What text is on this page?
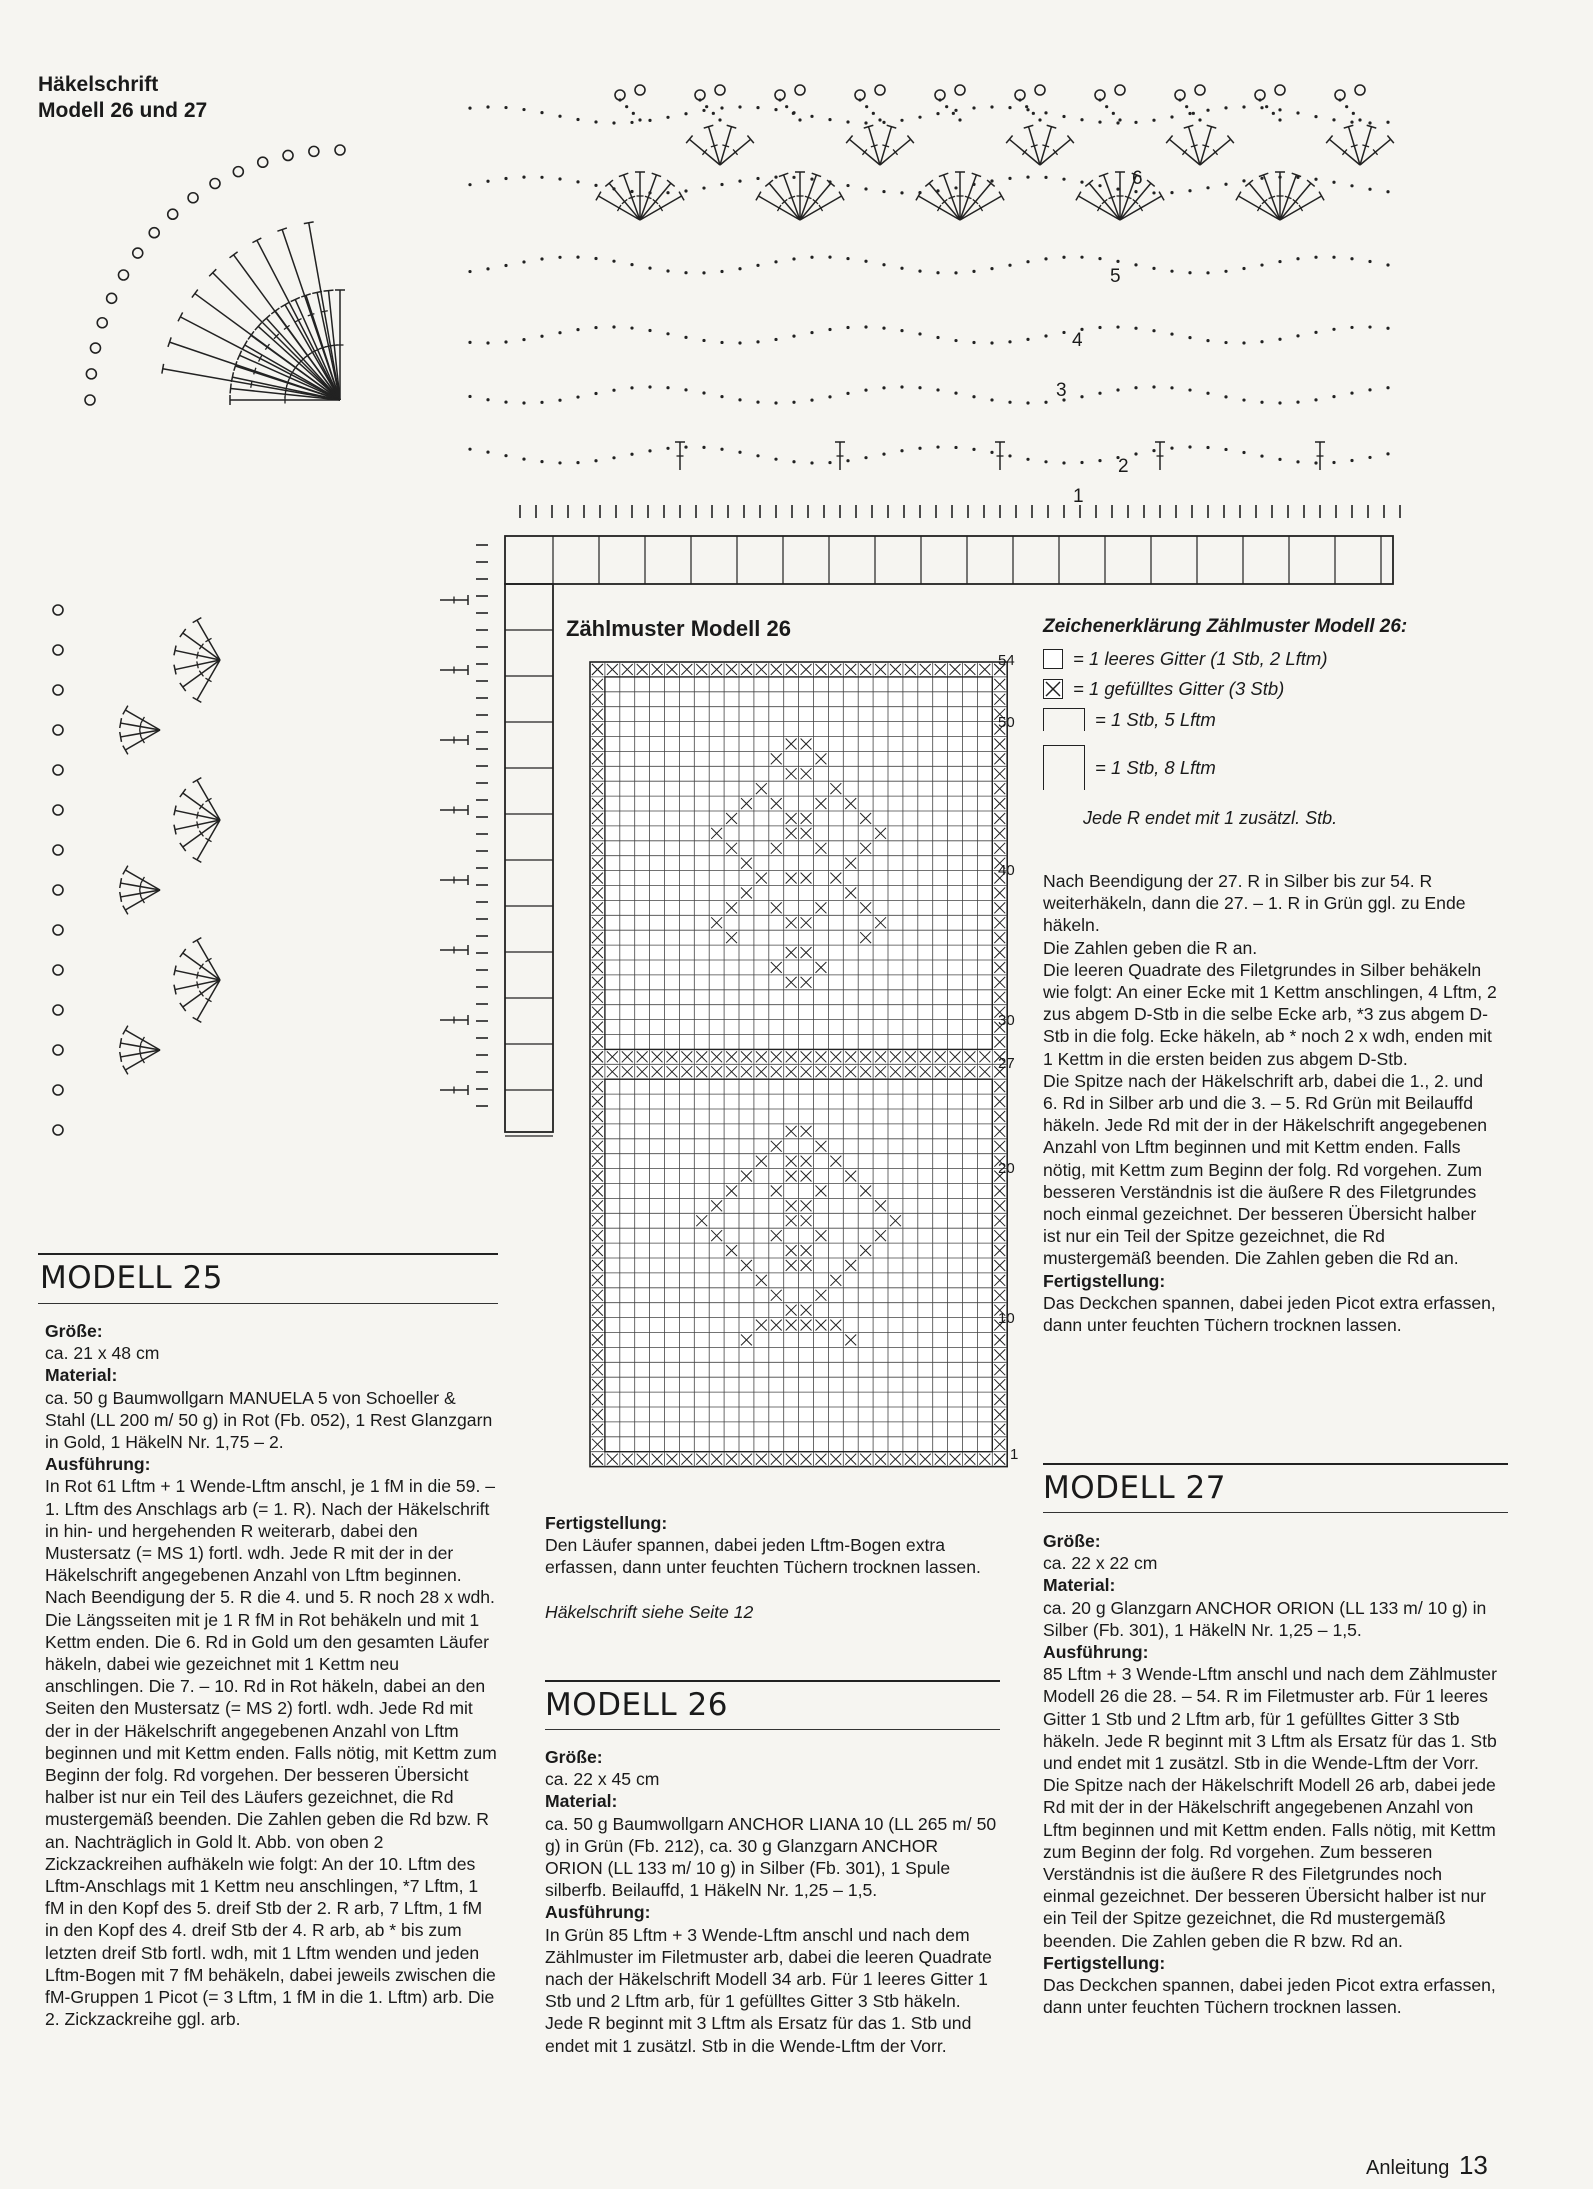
Häkelschrift
Modell 26 und 27
1
2
3
4
5
6
Zählmuster Modell 26
54
50
40
30
27
20
10
1
Zeichenerklärung Zählmuster Modell 26:
= 1 leeres Gitter (1 Stb, 2 Lftm)
= 1 gefülltes Gitter (3 Stb)
= 1 Stb, 5 Lftm
= 1 Stb, 8 Lftm
Jede R endet mit 1 zusätzl. Stb.

Nach Beendigung der 27. R in Silber bis zur 54. R weiterhäkeln, dann die 27. – 1. R in Grün ggl. zu Ende häkeln.

Die Zahlen geben die R an.

Die leeren Quadrate des Filetgrundes in Silber behäkeln wie folgt: An einer Ecke mit 1 Kettm anschlingen, 4 Lftm, 2 zus abgem D-Stb in die selbe Ecke arb, *3 zus abgem D-Stb in die folg. Ecke häkeln, ab * noch 2 x wdh, enden mit 1 Kettm in die ersten beiden zus abgem D-Stb.

Die Spitze nach der Häkelschrift arb, dabei die 1., 2. und 6. Rd in Silber arb und die 3. – 5. Rd Grün mit Beilauffd häkeln. Jede Rd mit der in der Häkelschrift angegebenen Anzahl von Lftm beginnen und mit Kettm enden. Falls nötig, mit Kettm zum Beginn der folg. Rd vorgehen. Zum besseren Verständnis ist die äußere R des Filetgrundes noch einmal gezeichnet. Der besseren Übersicht halber ist nur ein Teil der Spitze gezeichnet, die Rd mustergemäß beenden. Die Zahlen geben die Rd an.

Fertigstellung:

Das Deckchen spannen, dabei jeden Picot extra erfassen, dann unter feuchten Tüchern trocknen lassen.

MODELL 27

Größe:

ca. 22 x 22 cm

Material:

ca. 20 g Glanzgarn ANCHOR ORION (LL 133 m/ 10 g) in Silber (Fb. 301), 1 HäkelN Nr. 1,25 – 1,5.

Ausführung:

85 Lftm + 3 Wende-Lftm anschl und nach dem Zählmuster Modell 26 die 28. – 54. R im Filetmuster arb. Für 1 leeres Gitter 1 Stb und 2 Lftm arb, für 1 gefülltes Gitter 3 Stb häkeln. Jede R beginnt mit 3 Lftm als Ersatz für das 1. Stb und endet mit 1 zusätzl. Stb in die Wende-Lftm der Vorr.

Die Spitze nach der Häkelschrift Modell 26 arb, dabei jede Rd mit der in der Häkelschrift angegebenen Anzahl von Lftm beginnen und mit Kettm enden. Falls nötig, mit Kettm zum Beginn der folg. Rd vorgehen. Zum besseren Verständnis ist die äußere R des Filetgrundes noch einmal gezeichnet. Der besseren Übersicht halber ist nur ein Teil der Spitze gezeichnet, die Rd mustergemäß beenden. Die Zahlen geben die R bzw. Rd an.

Fertigstellung:

Das Deckchen spannen, dabei jeden Picot extra erfassen, dann unter feuchten Tüchern trocknen lassen.

MODELL 25

Größe:

ca. 21 x 48 cm

Material:

ca. 50 g Baumwollgarn MANUELA 5 von Schoeller & Stahl (LL 200 m/ 50 g) in Rot (Fb. 052), 1 Rest Glanzgarn in Gold, 1 HäkelN Nr. 1,75 – 2.

Ausführung:

In Rot 61 Lftm + 1 Wende-Lftm anschl, je 1 fM in die 59. – 1. Lftm des Anschlags arb (= 1. R). Nach der Häkelschrift in hin- und hergehenden R weiterarb, dabei den Mustersatz (= MS 1) fortl. wdh. Jede R mit der in der Häkelschrift angegebenen Anzahl von Lftm beginnen. Nach Beendigung der 5. R die 4. und 5. R noch 28 x wdh. Die Längsseiten mit je 1 R fM in Rot behäkeln und mit 1 Kettm enden. Die 6. Rd in Gold um den gesamten Läufer häkeln, dabei wie gezeichnet mit 1 Kettm neu anschlingen. Die 7. – 10. Rd in Rot häkeln, dabei an den Seiten den Mustersatz (= MS 2) fortl. wdh. Jede Rd mit der in der Häkelschrift angegebenen Anzahl von Lftm beginnen und mit Kettm enden. Falls nötig, mit Kettm zum Beginn der folg. Rd vorgehen. Der besseren Übersicht halber ist nur ein Teil des Läufers gezeichnet, die Rd mustergemäß beenden. Die Zahlen geben die Rd bzw. R an. Nachträglich in Gold lt. Abb. von oben 2 Zickzackreihen aufhäkeln wie folgt: An der 10. Lftm des Lftm-Anschlags mit 1 Kettm neu anschlingen, *7 Lftm, 1 fM in den Kopf des 5. dreif Stb der 2. R arb, 7 Lftm, 1 fM in den Kopf des 4. dreif Stb der 4. R arb, ab * bis zum letzten dreif Stb fortl. wdh, mit 1 Lftm wenden und jeden Lftm-Bogen mit 7 fM behäkeln, dabei jeweils zwischen die fM-Gruppen 1 Picot (= 3 Lftm, 1 fM in die 1. Lftm) arb. Die 2. Zickzackreihe ggl. arb.

Fertigstellung:

Den Läufer spannen, dabei jeden Lftm-Bogen extra erfassen, dann unter feuchten Tüchern trocknen lassen.

Häkelschrift siehe Seite 12

MODELL 26

Größe:

ca. 22 x 45 cm

Material:

ca. 50 g Baumwollgarn ANCHOR LIANA 10 (LL 265 m/ 50 g) in Grün (Fb. 212), ca. 30 g Glanzgarn ANCHOR ORION (LL 133 m/ 10 g) in Silber (Fb. 301), 1 Spule silberfb. Beilauffd, 1 HäkelN Nr. 1,25 – 1,5.

Ausführung:

In Grün 85 Lftm + 3 Wende-Lftm anschl und nach dem Zählmuster im Filetmuster arb, dabei die leeren Quadrate nach der Häkelschrift Modell 34 arb. Für 1 leeres Gitter 1 Stb und 2 Lftm arb, für 1 gefülltes Gitter 3 Stb häkeln. Jede R beginnt mit 3 Lftm als Ersatz für das 1. Stb und endet mit 1 zusätzl. Stb in die Wende-Lftm der Vorr.

Anleitung 13
